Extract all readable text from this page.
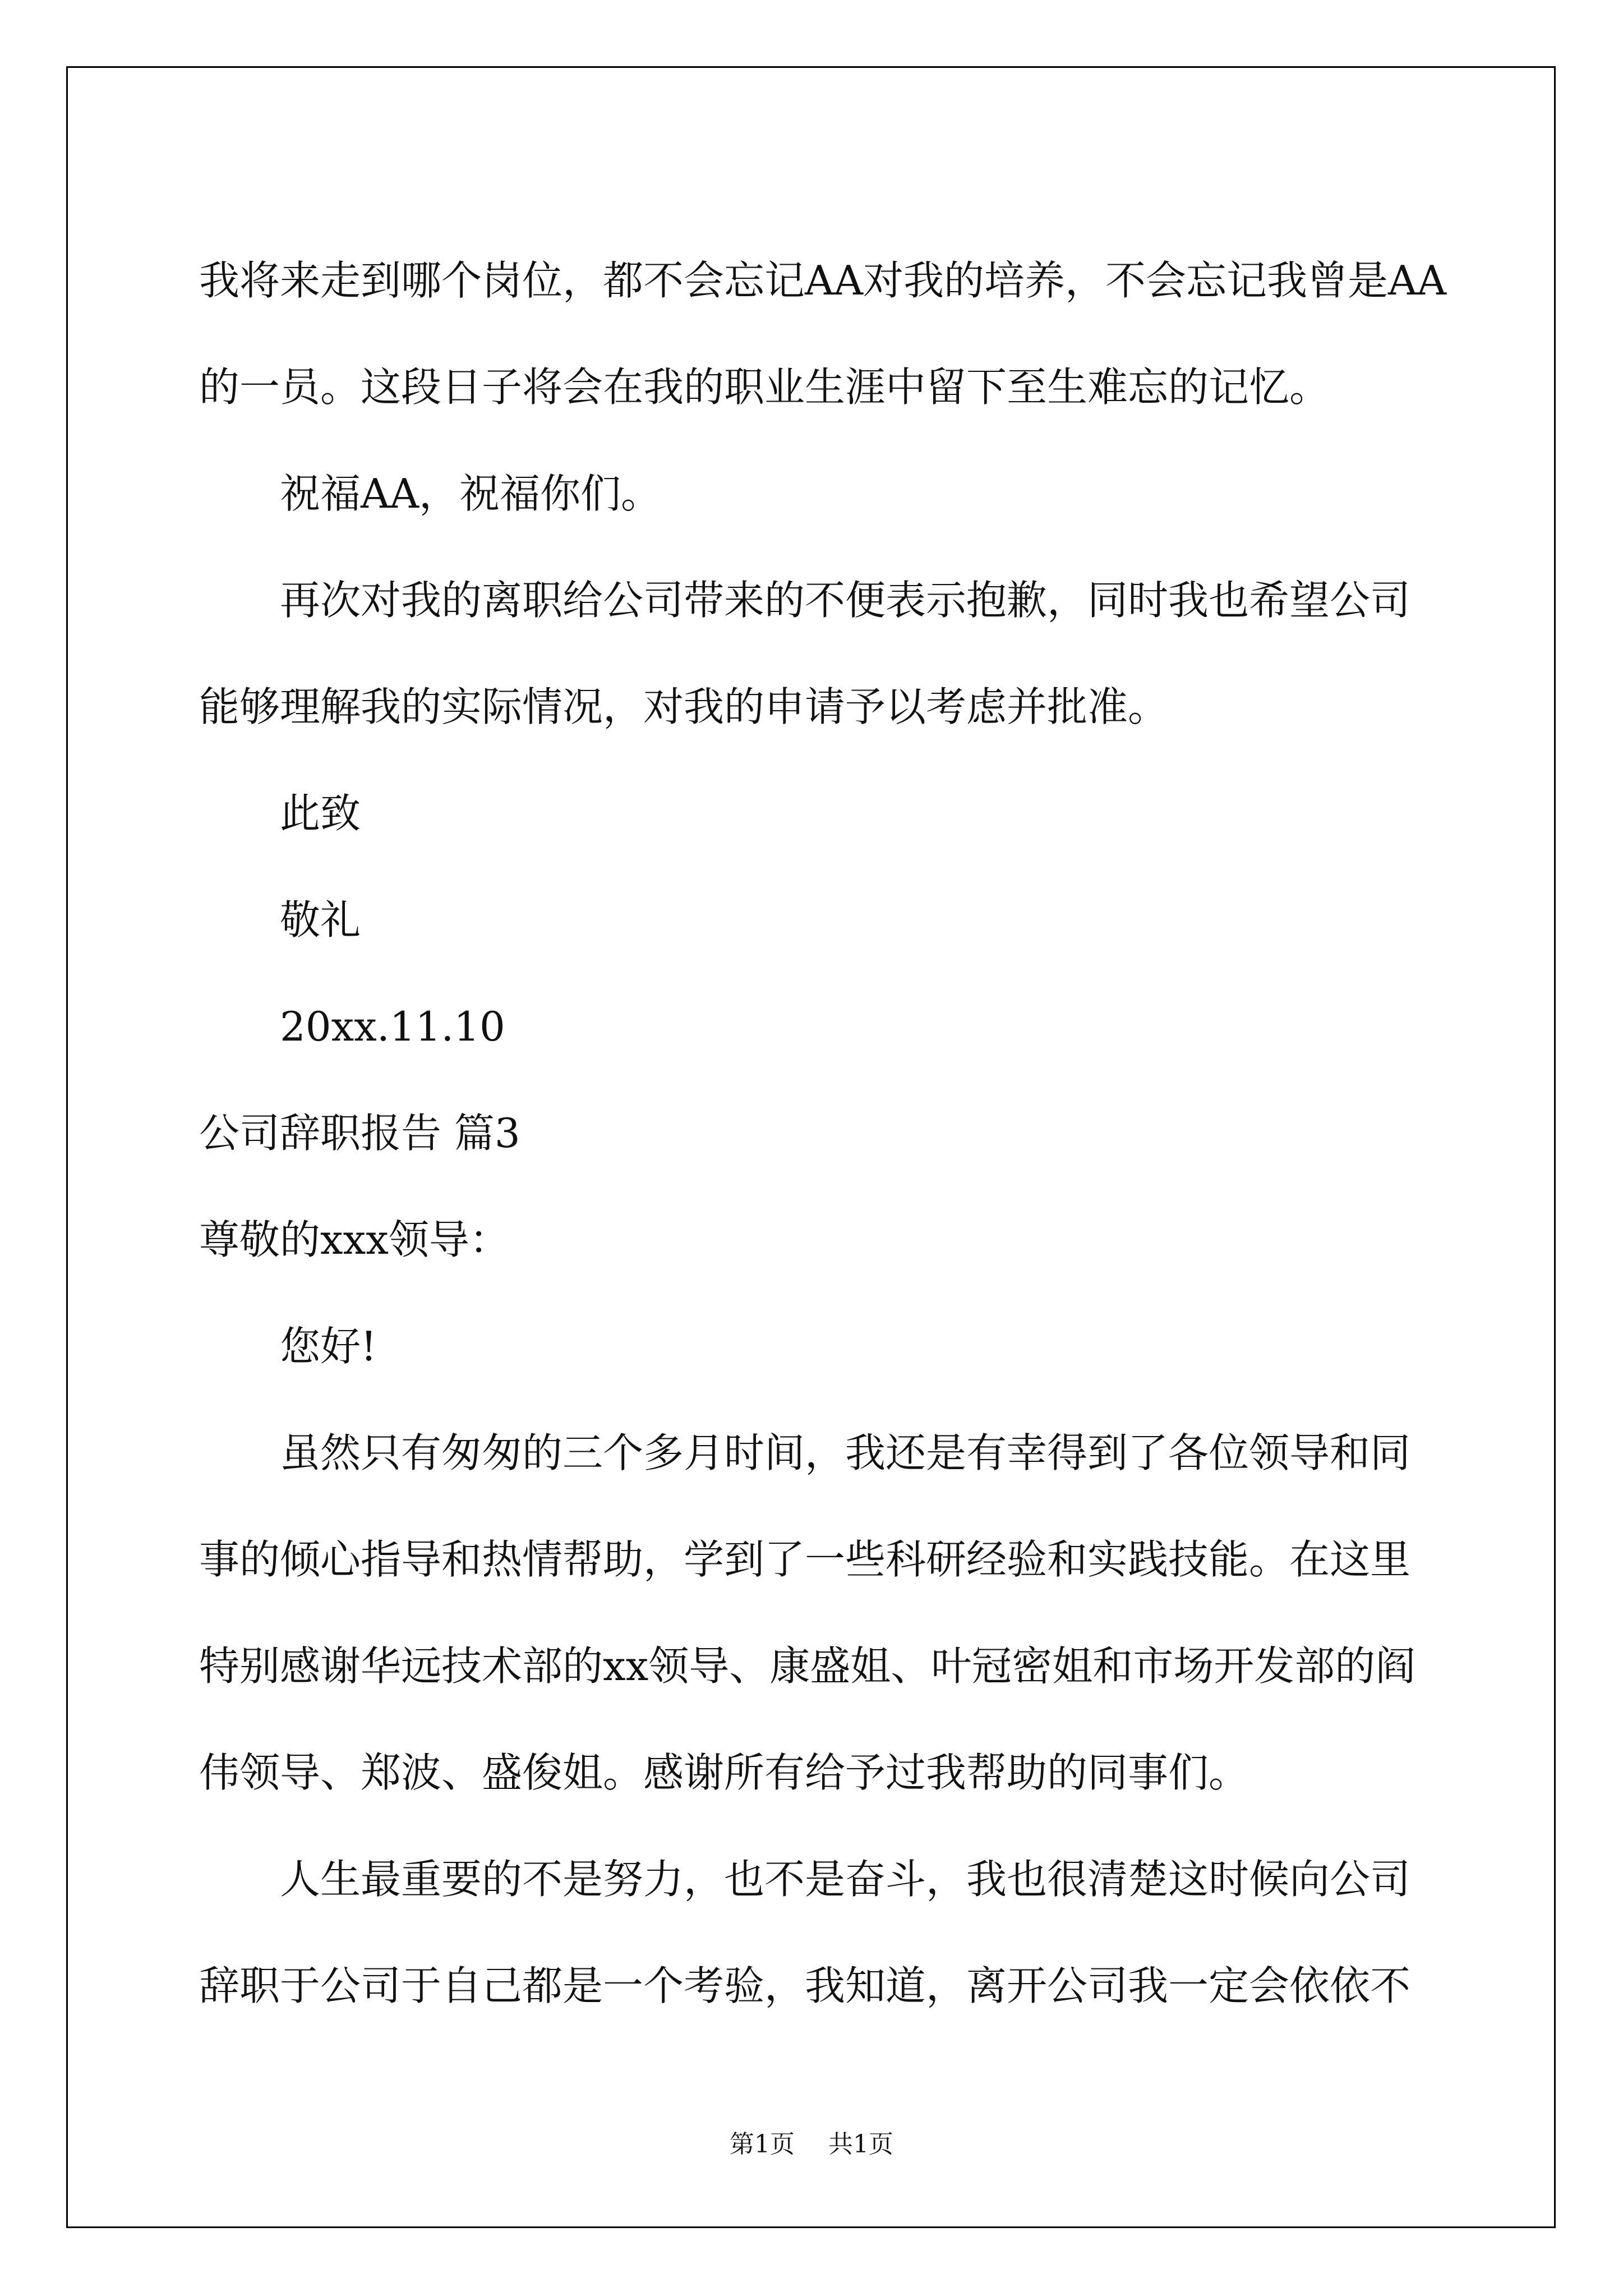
我将来走到哪个岗位，都不会忘记AA对我的培养，不会忘记我曾是AA

的一员。这段日子将会在我的职业生涯中留下至生难忘的记忆。

祝福AA，祝福你们。

再次对我的离职给公司带来的不便表示抱歉，同时我也希望公司

能够理解我的实际情况，对我的申请予以考虑并批准。

此致

敬礼

20xx.11.10

公司辞职报告 篇3

尊敬的xxx领导：

您好!

虽然只有匆匆的三个多月时间，我还是有幸得到了各位领导和同

事的倾心指导和热情帮助，学到了一些科研经验和实践技能。在这里

特别感谢华远技术部的xx领导、康盛姐、叶冠密姐和市场开发部的阎

伟领导、郑波、盛俊姐。感谢所有给予过我帮助的同事们。

人生最重要的不是努力，也不是奋斗，我也很清楚这时候向公司

辞职于公司于自己都是一个考验，我知道，离开公司我一定会依依不

第1页 共1页
